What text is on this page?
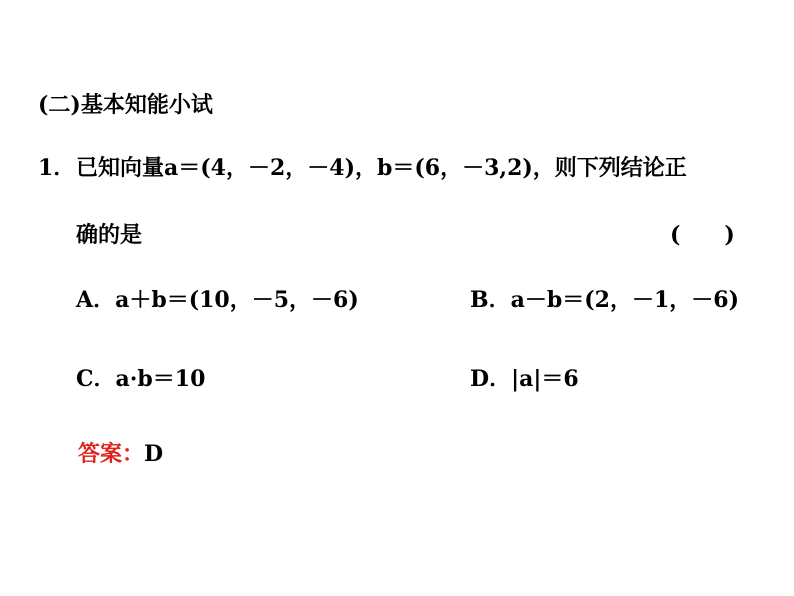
(二)基本知能小试
1． 已知向量a＝(4，－2，－4)，b＝(6，－3,2)，则下列结论正
确的是	(　　)
A．a＋b＝(10，－5，－6)	B．a－b＝(2，－1，－6)
C．a·b＝10	D．|a|＝6
答案：D
